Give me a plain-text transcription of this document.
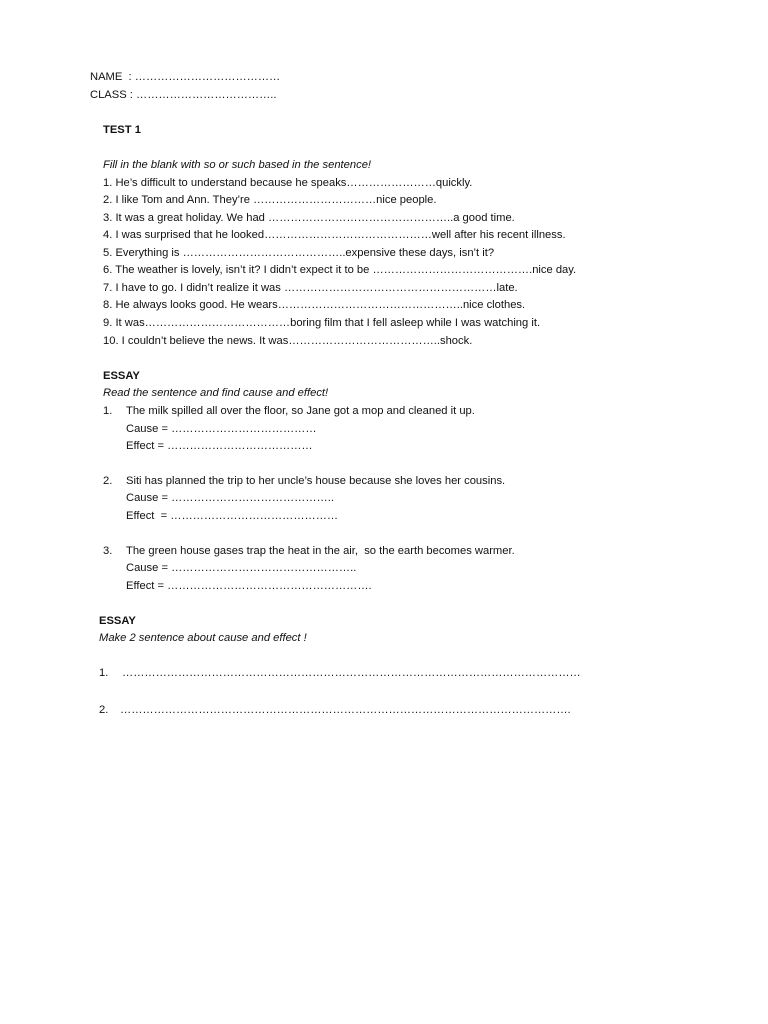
NAME  : …………………………………
CLASS : ………………………………..
TEST 1
Fill in the blank with so or such based in the sentence!
1. He’s difficult to understand because he speaks……………………quickly.
2. I like Tom and Ann. They’re ……………………………nice people.
3. It was a great holiday. We had …………………………………………..a good time.
4. I was surprised that he looked………………………………………well after his recent illness.
5. Everything is ……………………………………..expensive these days, isn’t it?
6. The weather is lovely, isn’t it? I didn’t expect it to be …………………………………….nice day.
7. I have to go. I didn’t realize it was …………………………………………………late.
8. He always looks good. He wears…………………………………………..nice clothes.
9. It was…………………………………boring film that I fell asleep while I was watching it.
10. I couldn’t believe the news. It was…………………………………..shock.
ESSAY
Read the sentence and find cause and effect!
1. The milk spilled all over the floor, so Jane got a mop and cleaned it up.
Cause = …………………………………
Effect = …………………………………
2. Siti has planned the trip to her uncle’s house because she loves her cousins.
Cause = ……………………………………..
Effect  = ………………………………………
3. The green house gases trap the heat in the air,  so the earth becomes warmer.
Cause = …………………………………………..
Effect = ……………………………………………….
ESSAY
Make 2 sentence about cause and effect !
1. ……………………………………………………………………………………………………………
2. ………………………………………………………………………………………………………….
